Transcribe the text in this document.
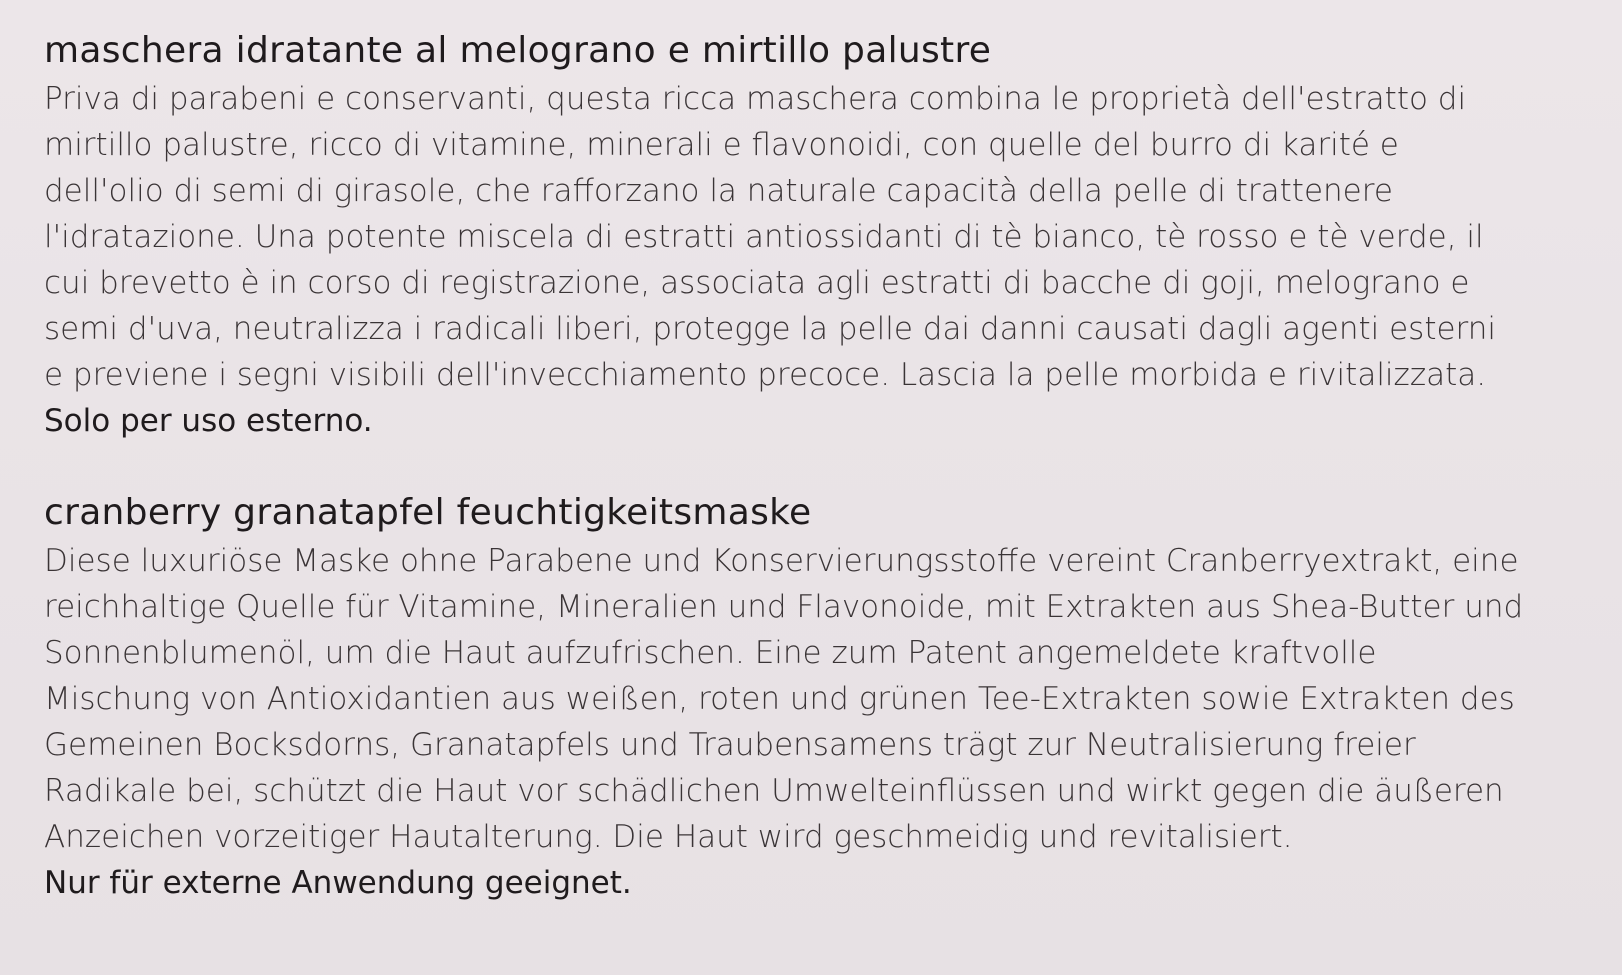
maschera idratante al melograno e mirtillo palustre

Priva di parabeni e conservanti, questa ricca maschera combina le proprietà dell'estratto di

mirtillo palustre, ricco di vitamine, minerali e flavonoidi, con quelle del burro di karité e

dell'olio di semi di girasole, che rafforzano la naturale capacità della pelle di trattenere

l'idratazione. Una potente miscela di estratti antiossidanti di tè bianco, tè rosso e tè verde, il

cui brevetto è in corso di registrazione, associata agli estratti di bacche di goji, melograno e

semi d'uva, neutralizza i radicali liberi, protegge la pelle dai danni causati dagli agenti esterni

e previene i segni visibili dell'invecchiamento precoce. Lascia la pelle morbida e rivitalizzata.

Solo per uso esterno.

cranberry granatapfel feuchtigkeitsmaske

Diese luxuriöse Maske ohne Parabene und Konservierungsstoffe vereint Cranberryextrakt, eine

reichhaltige Quelle für Vitamine, Mineralien und Flavonoide, mit Extrakten aus Shea-Butter und

Sonnenblumenöl, um die Haut aufzufrischen. Eine zum Patent angemeldete kraftvolle

Mischung von Antioxidantien aus weißen, roten und grünen Tee-Extrakten sowie Extrakten des

Gemeinen Bocksdorns, Granatapfels und Traubensamens trägt zur Neutralisierung freier

Radikale bei, schützt die Haut vor schädlichen Umwelteinflüssen und wirkt gegen die äußeren

Anzeichen vorzeitiger Hautalterung. Die Haut wird geschmeidig und revitalisiert.

Nur für externe Anwendung geeignet.
